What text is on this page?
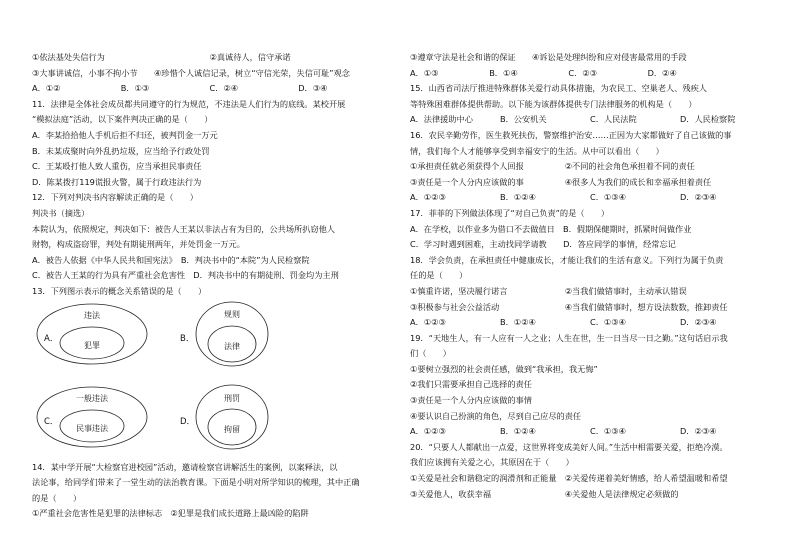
①依法基处失信行为	②真诚待人，信守承诺
③大事讲诚信，小事不拘小节　　④珍惜个人诚信记录，树立“守信光荣，失信可耻”观念
A．①②	B．①③	C．②④	D．③④
11．法律是全体社会成员都共同遵守的行为规范，不违法是人们行为的底线。某校开展
“模拟法庭”活动，以下案件判决正确的是（　　）
A．李某拾拾他人手机后拒不归还，被判罚金一万元
B．未某成聚时向外乱扔垃圾，应当给予行政处罚
C．王某殴打他人致人重伤，应当承担民事责任
D．陈某拨打119谎报火警，属于行政违法行为
12．下列对判决书内容解读正确的是（　　）
判决书（摘选）
本院认为，依照规定，判决如下：被告人王某以非法占有为目的，公共场所扒窃他人
财物，构成盗窃罪，判处有期徒刑两年，并处罚金一万元。
A．被告人依据《中华人民共和国宪法》　B．判决书中的“本院”为人民检察院
C．被告人王某的行为具有严重社会危害性　D．判决书中的有期徒刑、罚金均为主刑
13．下列图示表示的概念关系错误的是（　　）
A．
违法
犯罪
B．
规则
法律
C．
一般违法
民事违法
D．
刑罚
拘留
14．某中学开展“大检察官进校园”活动，邀请检察官讲解活生的案例，以案释法，以
法论事，给同学们带来了一堂生动的法治教育课。下面是小明对所学知识的梳理，其中正确
的是（　　）
①严重社会危害性是犯罪的法律标志　②犯罪是我们成长道路上最凶险的陷阱
③遵章守法是社会和谐的保证　　④诉讼是处理纠纷和应对侵害最常用的手段
A．①③	B．①④	C．②③	D．②④
15．山西省司法厅推进特殊群体关爱行动具体措施，为农民工、空巢老人、残疾人
等特殊困难群体提供帮助。以下能为该群体提供专门法律服务的机构是（　　）
A．法律援助中心	B．公安机关	C．人民法院	D．人民检察院
16．农民辛勤劳作，医生救死扶伤，警察维护治安……正因为大家都做好了自己该做的事
情，我们每个人才能够享受到幸福安宁的生活。从中可以看出（　　）
①承担责任就必须获得个人回报　　　　　②不同的社会角色承担着不同的责任
③责任是一个人分内应该做的事　　　　　④很多人为我们的成长和幸福承担着责任
A．①②③	B．①②④	C．①③④	D．②③④
17．菲菲的下列做法体现了“对自己负责”的是（　　）
A．在学校，以作业多为借口不去做值日　B．假期保健期时，抓紧时间做作业
C．学习时遇到困难，主动找同学请教　　D．答应同学的事情，经常忘记
18．学会负责，在承担责任中健康成长，才能让我们的生活有意义。下列行为属于负责
任的是（　　）
①慎重许诺，坚决履行诺言　　　　　　　②当我们做错事时，主动承认错误
③积极参与社会公益活动　　　　　　　　④当我们做错事时，想方设法数数，推卸责任
A．①②③	B．①②④	C．①③④	D．②③④
19．“天地生人，有一人应有一人之业；人生在世，生一日当尽一日之勤。”这句话启示我
们（　　）
①要树立强烈的社会责任感，做到“我承担，我无悔”
②我们只需要承担自己选择的责任
③责任是一个人分内应该做的事情
④要认识自己扮演的角色，尽到自己应尽的责任
A．①②③	B．①②④	C．①③④	D．②③④
20．“只要人人都献出一点爱，这世界将变成美好人间。”生活中相需要关爱，拒绝冷漠。
我们应该拥有关爱之心，其原因在于（　　）
①关爱是社会和谐稳定的润滑剂和正能量　②关爱传递着美好情感，给人希望温暖和希望
③关爱他人，收获幸福　　　　　　　　　④关爱他人是法律规定必须做的
